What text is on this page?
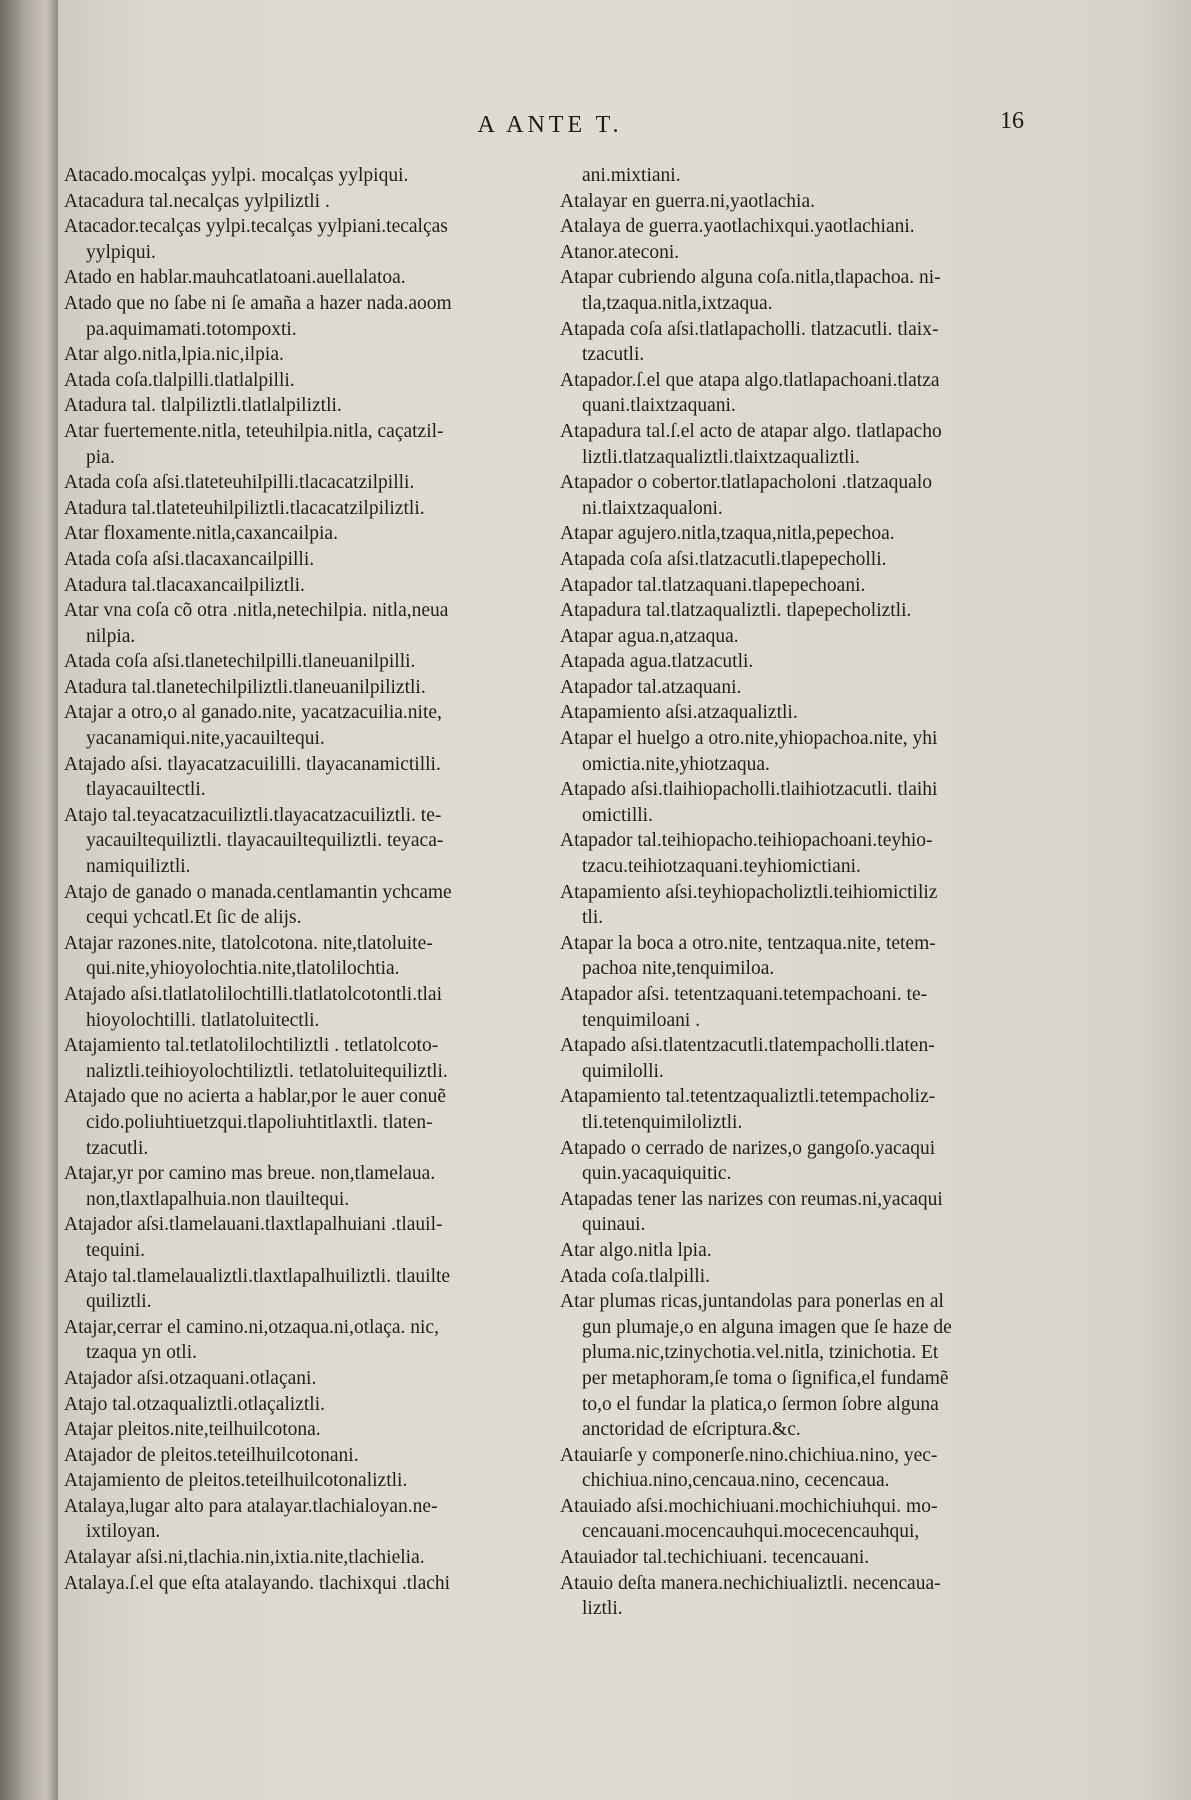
A ANTE T.	16
Atacado.mocalças yylpi. mocalças yylpiqui.
Atacadura tal.necalças yylpiliztli .
Atacador.tecalças yylpi.tecalças yylpiani.tecalças
yylpiqui.
Atado en hablar.mauhcatlatoani.auellalatoa.
Atado que no ſabe ni ſe amaña a hazer nada.aoom
pa.aquimamati.totompoxti.
Atar algo.nitla,lpia.nic,ilpia.
Atada coſa.tlalpilli.tlatlalpilli.
Atadura tal. tlalpiliztli.tlatlalpiliztli.
Atar fuertemente.nitla, teteuhilpia.nitla, caçatzil-
pia.
Atada coſa aſsi.tlateteuhilpilli.tlacacatzilpilli.
Atadura tal.tlateteuhilpiliztli.tlacacatzilpiliztli.
Atar floxamente.nitla,caxancailpia.
Atada coſa aſsi.tlacaxancailpilli.
Atadura tal.tlacaxancailpiliztli.
Atar vna coſa cõ otra .nitla,netechilpia. nitla,neua
nilpia.
Atada coſa aſsi.tlanetechilpilli.tlaneuanilpilli.
Atadura tal.tlanetechilpiliztli.tlaneuanilpiliztli.
Atajar a otro,o al ganado.nite, yacatzacuilia.nite,
yacanamiqui.nite,yacauiltequi.
Atajado aſsi. tlayacatzacuililli. tlayacanamictilli.
tlayacauiltectli.
Atajo tal.teyacatzacuiliztli.tlayacatzacuiliztli. te-
yacauiltequiliztli. tlayacauiltequiliztli. teyaca-
namiquiliztli.
Atajo de ganado o manada.centlamantin ychcame
cequi ychcatl.Et ſic de alijs.
Atajar razones.nite, tlatolcotona. nite,tlatoluite-
qui.nite,yhioyolochtia.nite,tlatolilochtia.
Atajado aſsi.tlatlatolilochtilli.tlatlatolcotontli.tlai
hioyolochtilli. tlatlatoluitectli.
Atajamiento tal.tetlatolilochtiliztli . tetlatolcoto-
naliztli.teihioyolochtiliztli. tetlatoluitequiliztli.
Atajado que no acierta a hablar,por le auer conuẽ
cido.poliuhtiuetzqui.tlapoliuhtitlaxtli. tlaten-
tzacutli.
Atajar,yr por camino mas breue. non,tlamelaua.
non,tlaxtlapalhuia.non tlauiltequi.
Atajador aſsi.tlamelauani.tlaxtlapalhuiani .tlauil-
tequini.
Atajo tal.tlamelaualiztli.tlaxtlapalhuiliztli. tlauilte
quiliztli.
Atajar,cerrar el camino.ni,otzaqua.ni,otlaça. nic,
tzaqua yn otli.
Atajador aſsi.otzaquani.otlaçani.
Atajo tal.otzaqualiztli.otlaçaliztli.
Atajar pleitos.nite,teilhuilcotona.
Atajador de pleitos.teteilhuilcotonani.
Atajamiento de pleitos.teteilhuilcotonaliztli.
Atalaya,lugar alto para atalayar.tlachialoyan.ne-
ixtiloyan.
Atalayar aſsi.ni,tlachia.nin,ixtia.nite,tlachielia.
Atalaya.ſ.el que eſta atalayando. tlachixqui .tlachi
ani.mixtiani.
Atalayar en guerra.ni,yaotlachia.
Atalaya de guerra.yaotlachixqui.yaotlachiani.
Atanor.ateconi.
Atapar cubriendo alguna coſa.nitla,tlapachoa. ni-
tla,tzaqua.nitla,ixtzaqua.
Atapada coſa aſsi.tlatlapacholli. tlatzacutli. tlaix-
tzacutli.
Atapador.ſ.el que atapa algo.tlatlapachoani.tlatza
quani.tlaixtzaquani.
Atapadura tal.ſ.el acto de atapar algo. tlatlapacho
liztli.tlatzaqualiztli.tlaixtzaqualiztli.
Atapador o cobertor.tlatlapacholoni .tlatzaqualo
ni.tlaixtzaqualoni.
Atapar agujero.nitla,tzaqua,nitla,pepechoa.
Atapada coſa aſsi.tlatzacutli.tlapepecholli.
Atapador tal.tlatzaquani.tlapepechoani.
Atapadura tal.tlatzaqualiztli. tlapepecholiztli.
Atapar agua.n,atzaqua.
Atapada agua.tlatzacutli.
Atapador tal.atzaquani.
Atapamiento aſsi.atzaqualiztli.
Atapar el huelgo a otro.nite,yhiopachoa.nite, yhi
omictia.nite,yhiotzaqua.
Atapado aſsi.tlaihiopacholli.tlaihiotzacutli. tlaihi
omictilli.
Atapador tal.teihiopacho.teihiopachoani.teyhio-
tzacu.teihiotzaquani.teyhiomictiani.
Atapamiento aſsi.teyhiopacholiztli.teihiomictiliz
tli.
Atapar la boca a otro.nite, tentzaqua.nite, tetem-
pachoa nite,tenquimiloa.
Atapador aſsi. tetentzaquani.tetempachoani. te-
tenquimiloani .
Atapado aſsi.tlatentzacutli.tlatempacholli.tlaten-
quimilolli.
Atapamiento tal.tetentzaqualiztli.tetempacholiz-
tli.tetenquimiloliztli.
Atapado o cerrado de narizes,o gangoſo.yacaqui
quin.yacaquiquitic.
Atapadas tener las narizes con reumas.ni,yacaqui
quinaui.
Atar algo.nitla lpia.
Atada coſa.tlalpilli.
Atar plumas ricas,juntandolas para ponerlas en al
gun plumaje,o en alguna imagen que ſe haze de
pluma.nic,tzinychotia.vel.nitla, tzinichotia. Et
per metaphoram,ſe toma o ſignifica,el fundamẽ
to,o el fundar la platica,o ſermon ſobre alguna
anctoridad de eſcriptura.&c.
Atauiarſe y componerſe.nino.chichiua.nino, yec-
chichiua.nino,cencaua.nino, cecencaua.
Atauiado aſsi.mochichiuani.mochichiuhqui. mo-
cencauani.mocencauhqui.mocecencauhqui,
Atauiador tal.techichiuani. tecencauani.
Atauio deſta manera.nechichiualiztli. necencaua-
liztli.
